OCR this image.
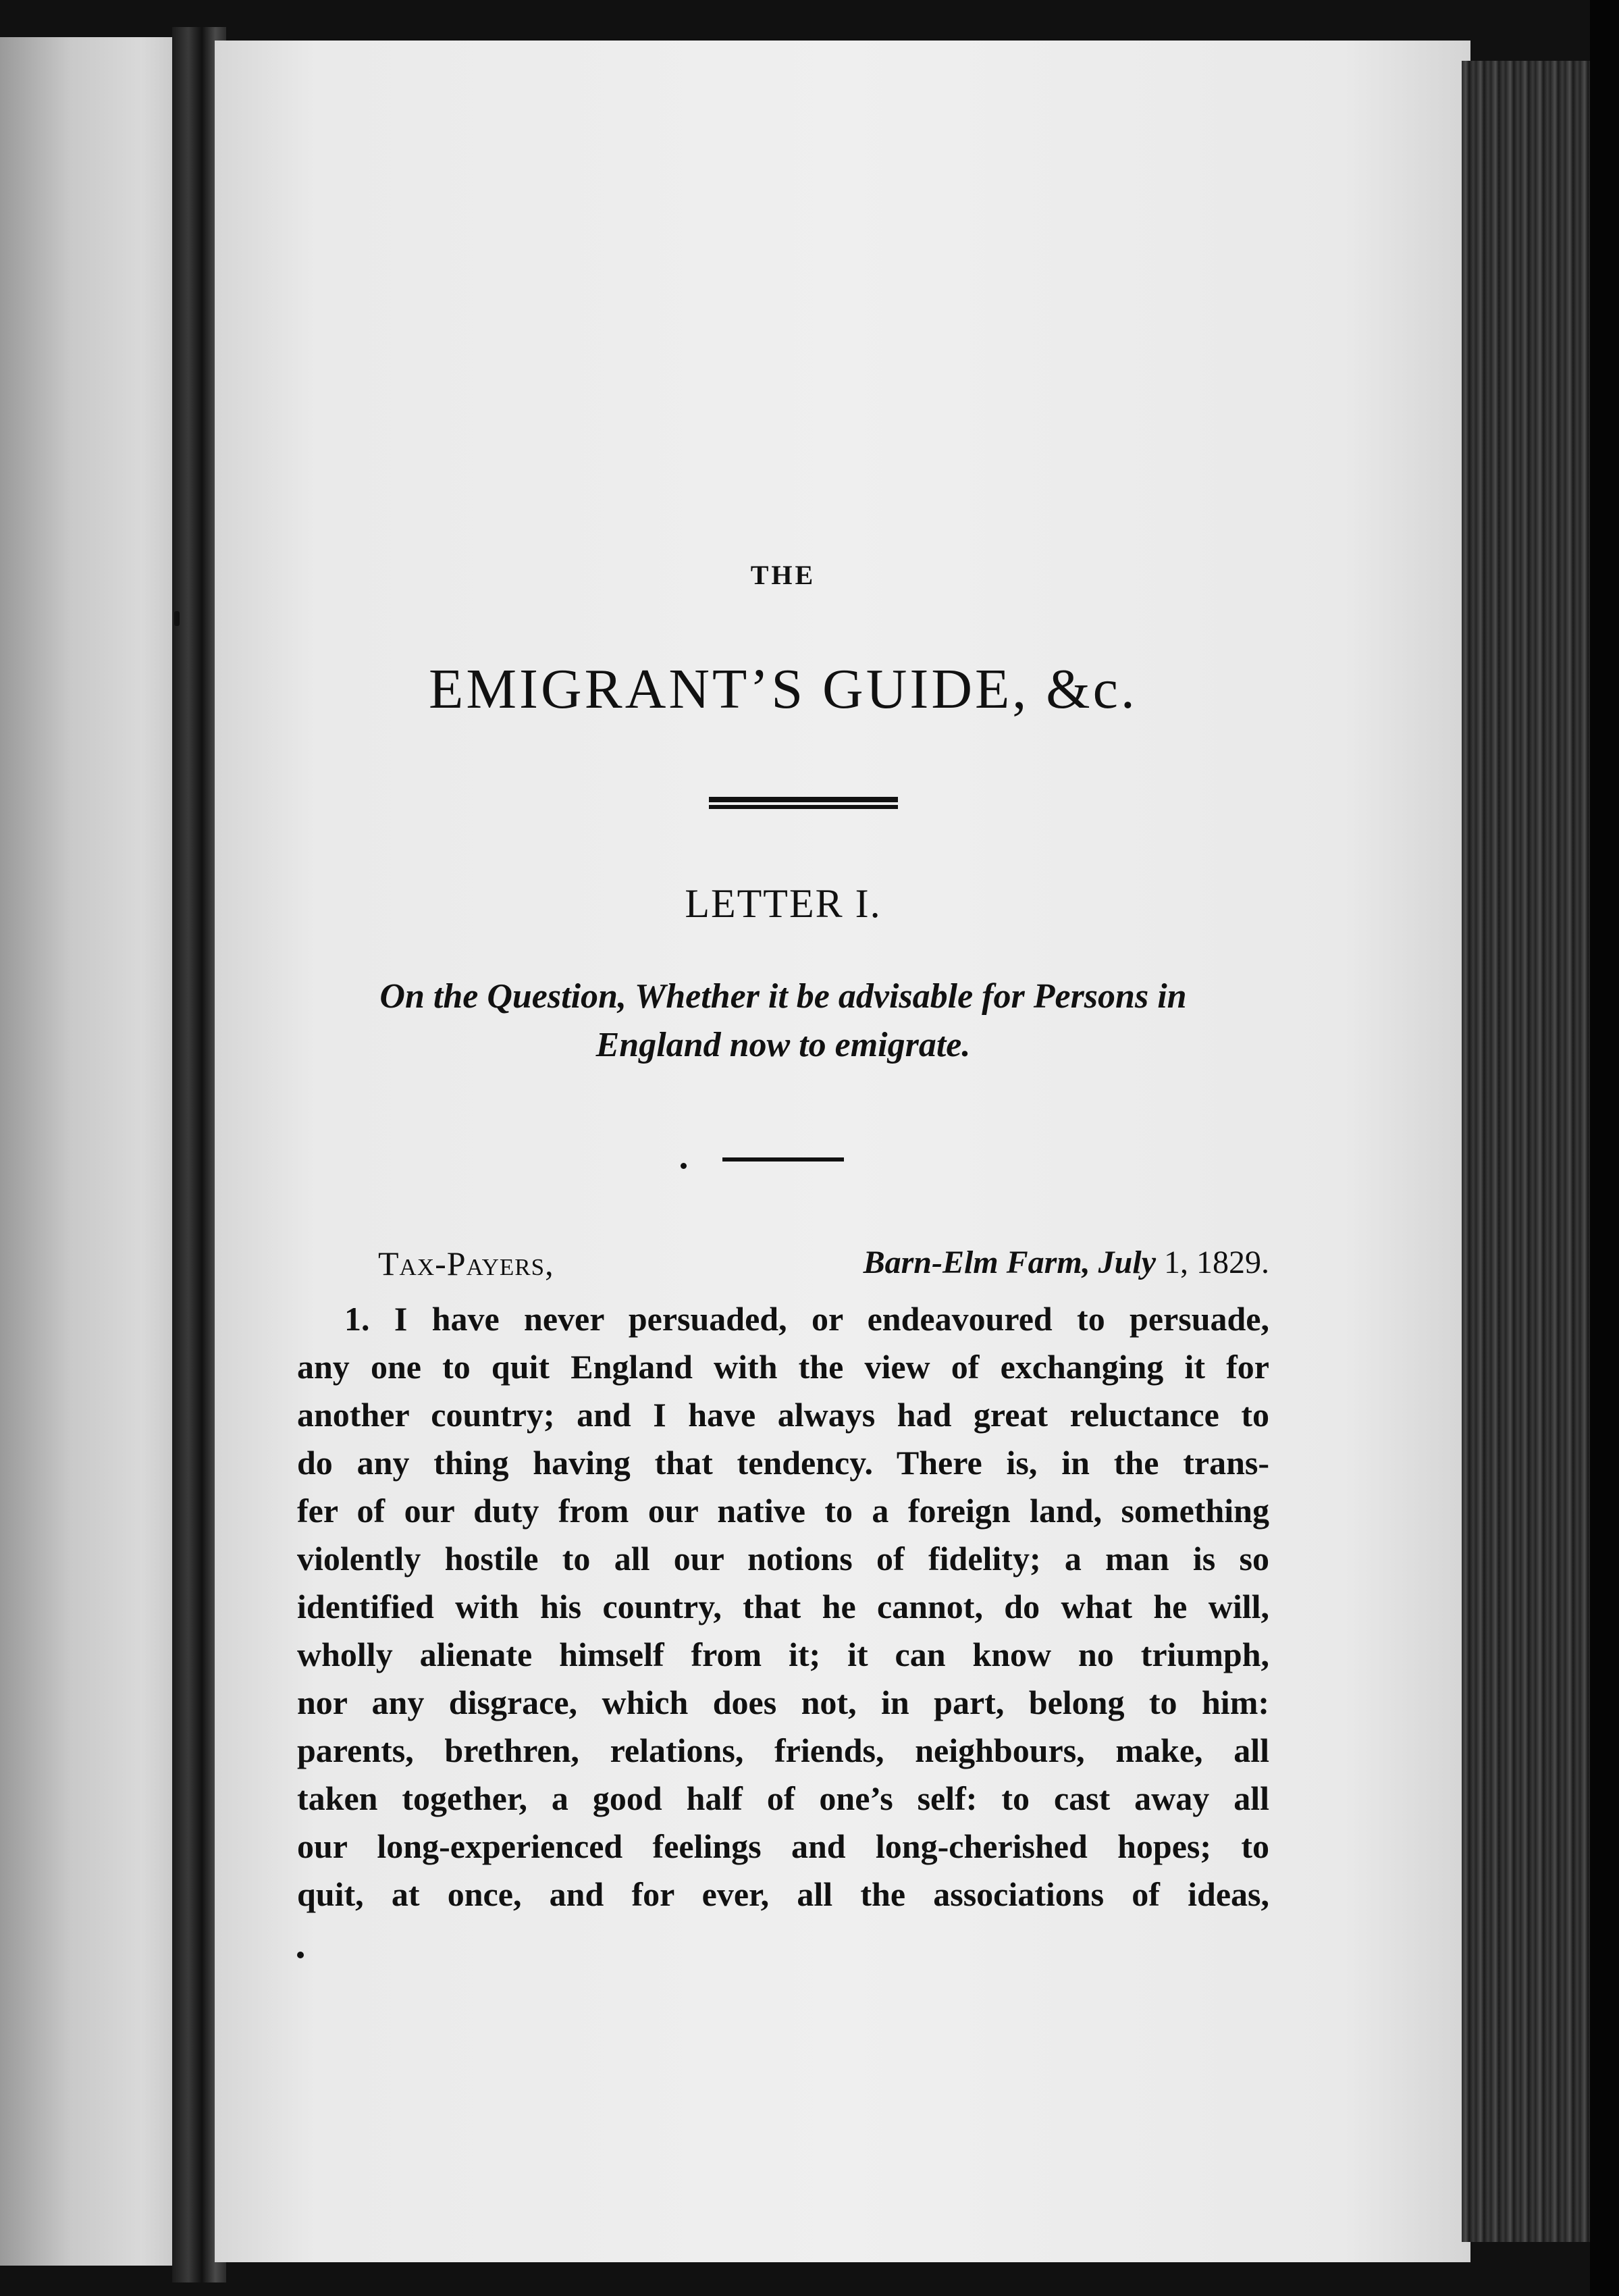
THE
EMIGRANT’S GUIDE, &c.
LETTER I.
On the Question, Whether it be advisable for Persons in
England now to emigrate.
Tax-Payers,	Barn-Elm Farm, July 1, 1829.
1. I have never persuaded, or endeavoured to persuade,
any one to quit England with the view of exchanging it for
another country; and I have always had great reluctance to
do any thing having that tendency. There is, in the trans-
fer of our duty from our native to a foreign land, something
violently hostile to all our notions of fidelity; a man is so
identified with his country, that he cannot, do what he will,
wholly alienate himself from it; it can know no triumph,
nor any disgrace, which does not, in part, belong to him:
parents, brethren, relations, friends, neighbours, make, all
taken together, a good half of one’s self: to cast away all
our long-experienced feelings and long-cherished hopes; to
quit, at once, and for ever, all the associations of ideas,
